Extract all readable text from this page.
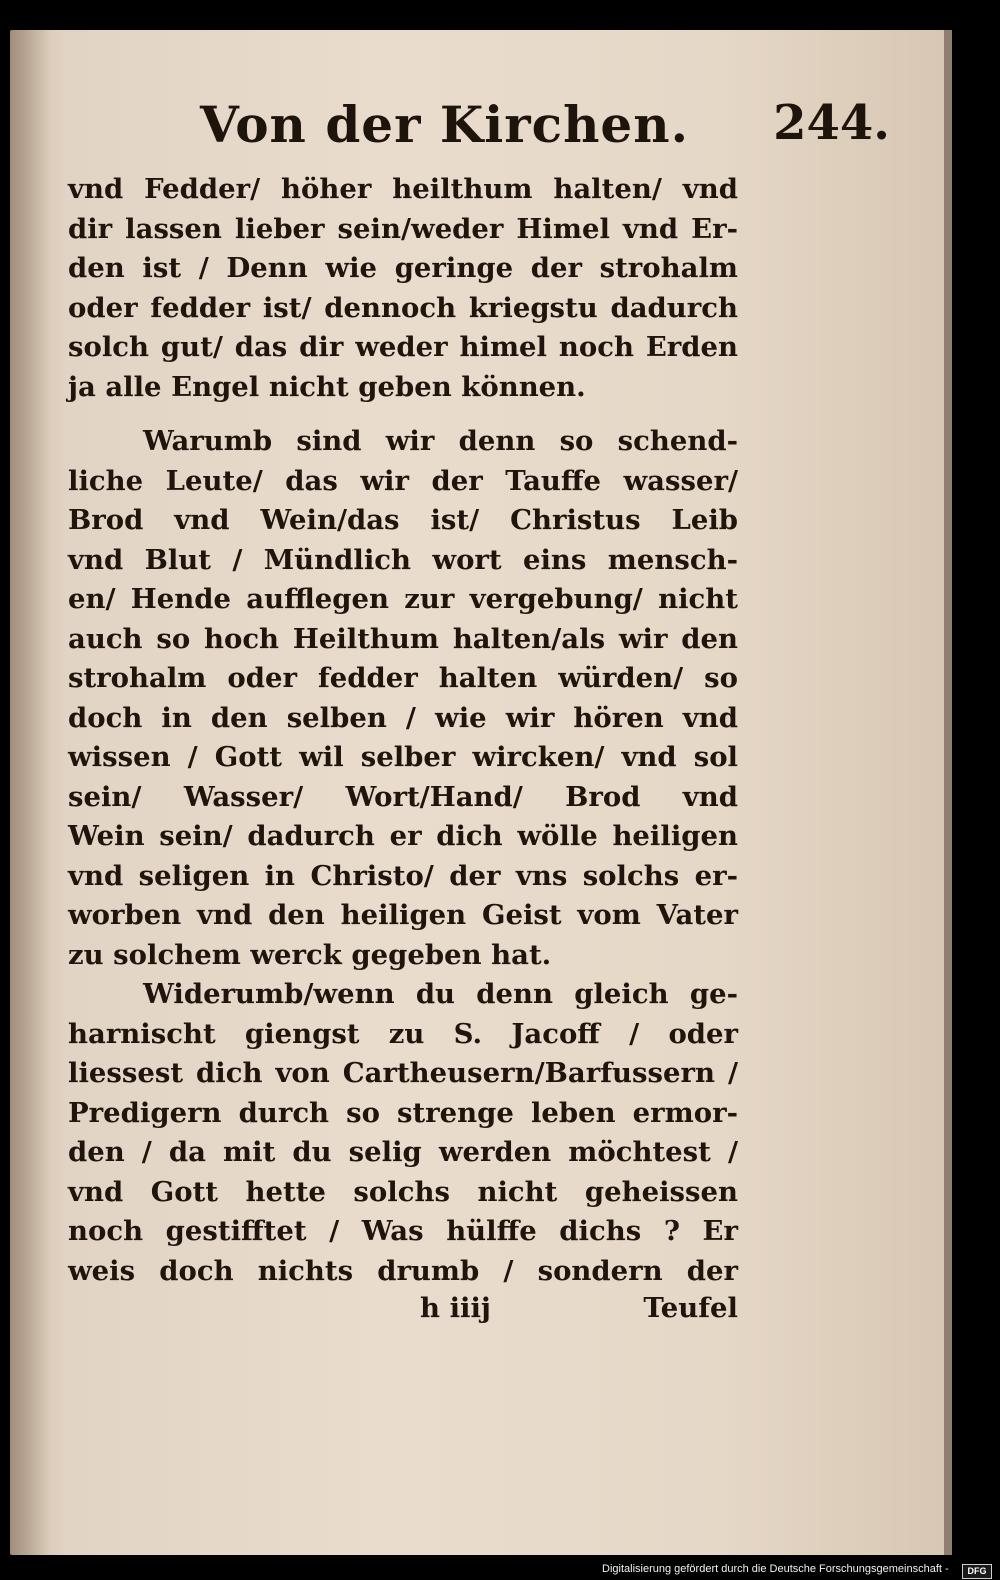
Von der Kirchen. 244.
vnd Fedder/ höher heilthum halten/ vnd
dir lassen lieber sein/weder Himel vnd Er-
den ist / Denn wie geringe der strohalm
oder fedder ist/ dennoch kriegstu dadurch
solch gut/ das dir weder himel noch Erden
ja alle Engel nicht geben können.
Warumb sind wir denn so schend-
liche Leute/ das wir der Tauffe wasser/
Brod vnd Wein/das ist/ Christus Leib
vnd Blut / Mündlich wort eins mensch-
en/ Hende aufflegen zur vergebung/ nicht
auch so hoch Heilthum halten/als wir den
strohalm oder fedder halten würden/ so
doch in den selben / wie wir hören vnd
wissen / Gott wil selber wircken/ vnd sol
sein/ Wasser/ Wort/Hand/ Brod vnd
Wein sein/ dadurch er dich wölle heiligen
vnd seligen in Christo/ der vns solchs er-
worben vnd den heiligen Geist vom Vater
zu solchem werck gegeben hat.
Widerumb/wenn du denn gleich ge-
harnischt giengst zu S. Jacoff / oder
liessest dich von Cartheusern/Barfussern /
Predigern durch so strenge leben ermor-
den / da mit du selig werden möchtest /
vnd Gott hette solchs nicht geheissen
noch gestifftet / Was hülffe dichs ? Er
weis doch nichts drumb / sondern der
h iiij	Teufel
Digitalisierung gefördert durch die Deutsche Forschungsgemeinschaft -	DFG
